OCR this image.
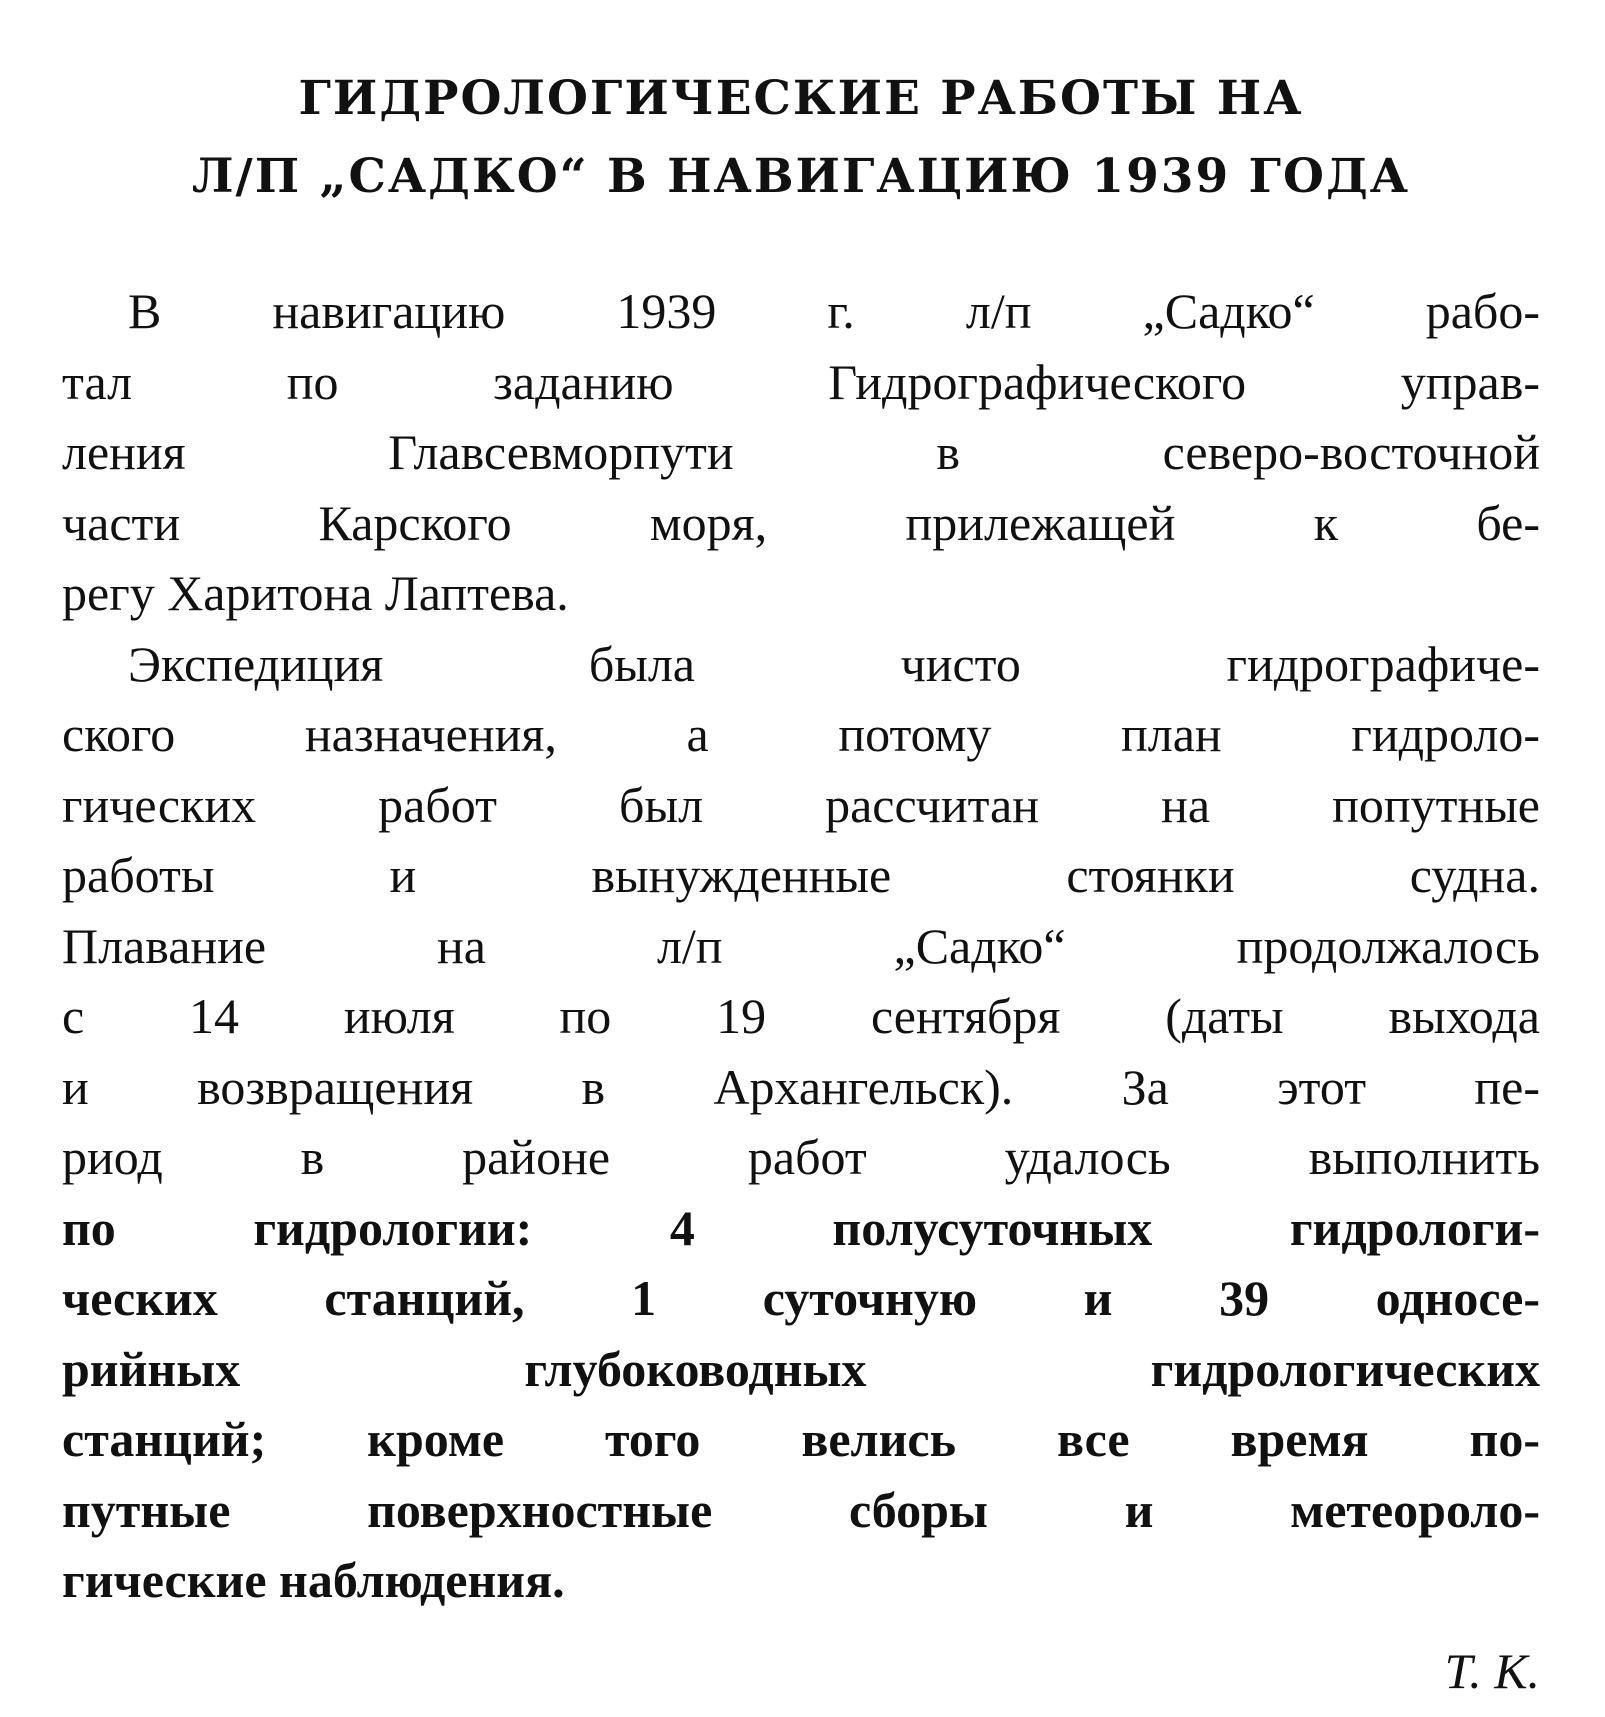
ГИДРОЛОГИЧЕСКИЕ РАБОТЫ НА
Л/П „САДКО“ В НАВИГАЦИЮ 1939 ГОДА

В навигацию 1939 г. л/п „Садко“ рабо-
тал по заданию Гидрографического управ-
ления Главсевморпути в северо-восточной
части Карского моря, прилежащей к бе-
регу Харитона Лаптева.

Экспедиция была чисто гидрографиче-
ского назначения, а потому план гидроло-
гических работ был рассчитан на попутные
работы и вынужденные стоянки судна.
Плавание на л/п „Садко“ продолжалось
с 14 июля по 19 сентября (даты выхода
и возвращения в Архангельск). За этот пе-
риод в районе работ удалось выполнить
по гидрологии: 4 полусуточных гидрологи-
ческих станций, 1 суточную и 39 односе-
рийных глубоководных гидрологических
станций; кроме того велись все время по-
путные поверхностные сборы и метеороло-
гические наблюдения.

Т. К.
